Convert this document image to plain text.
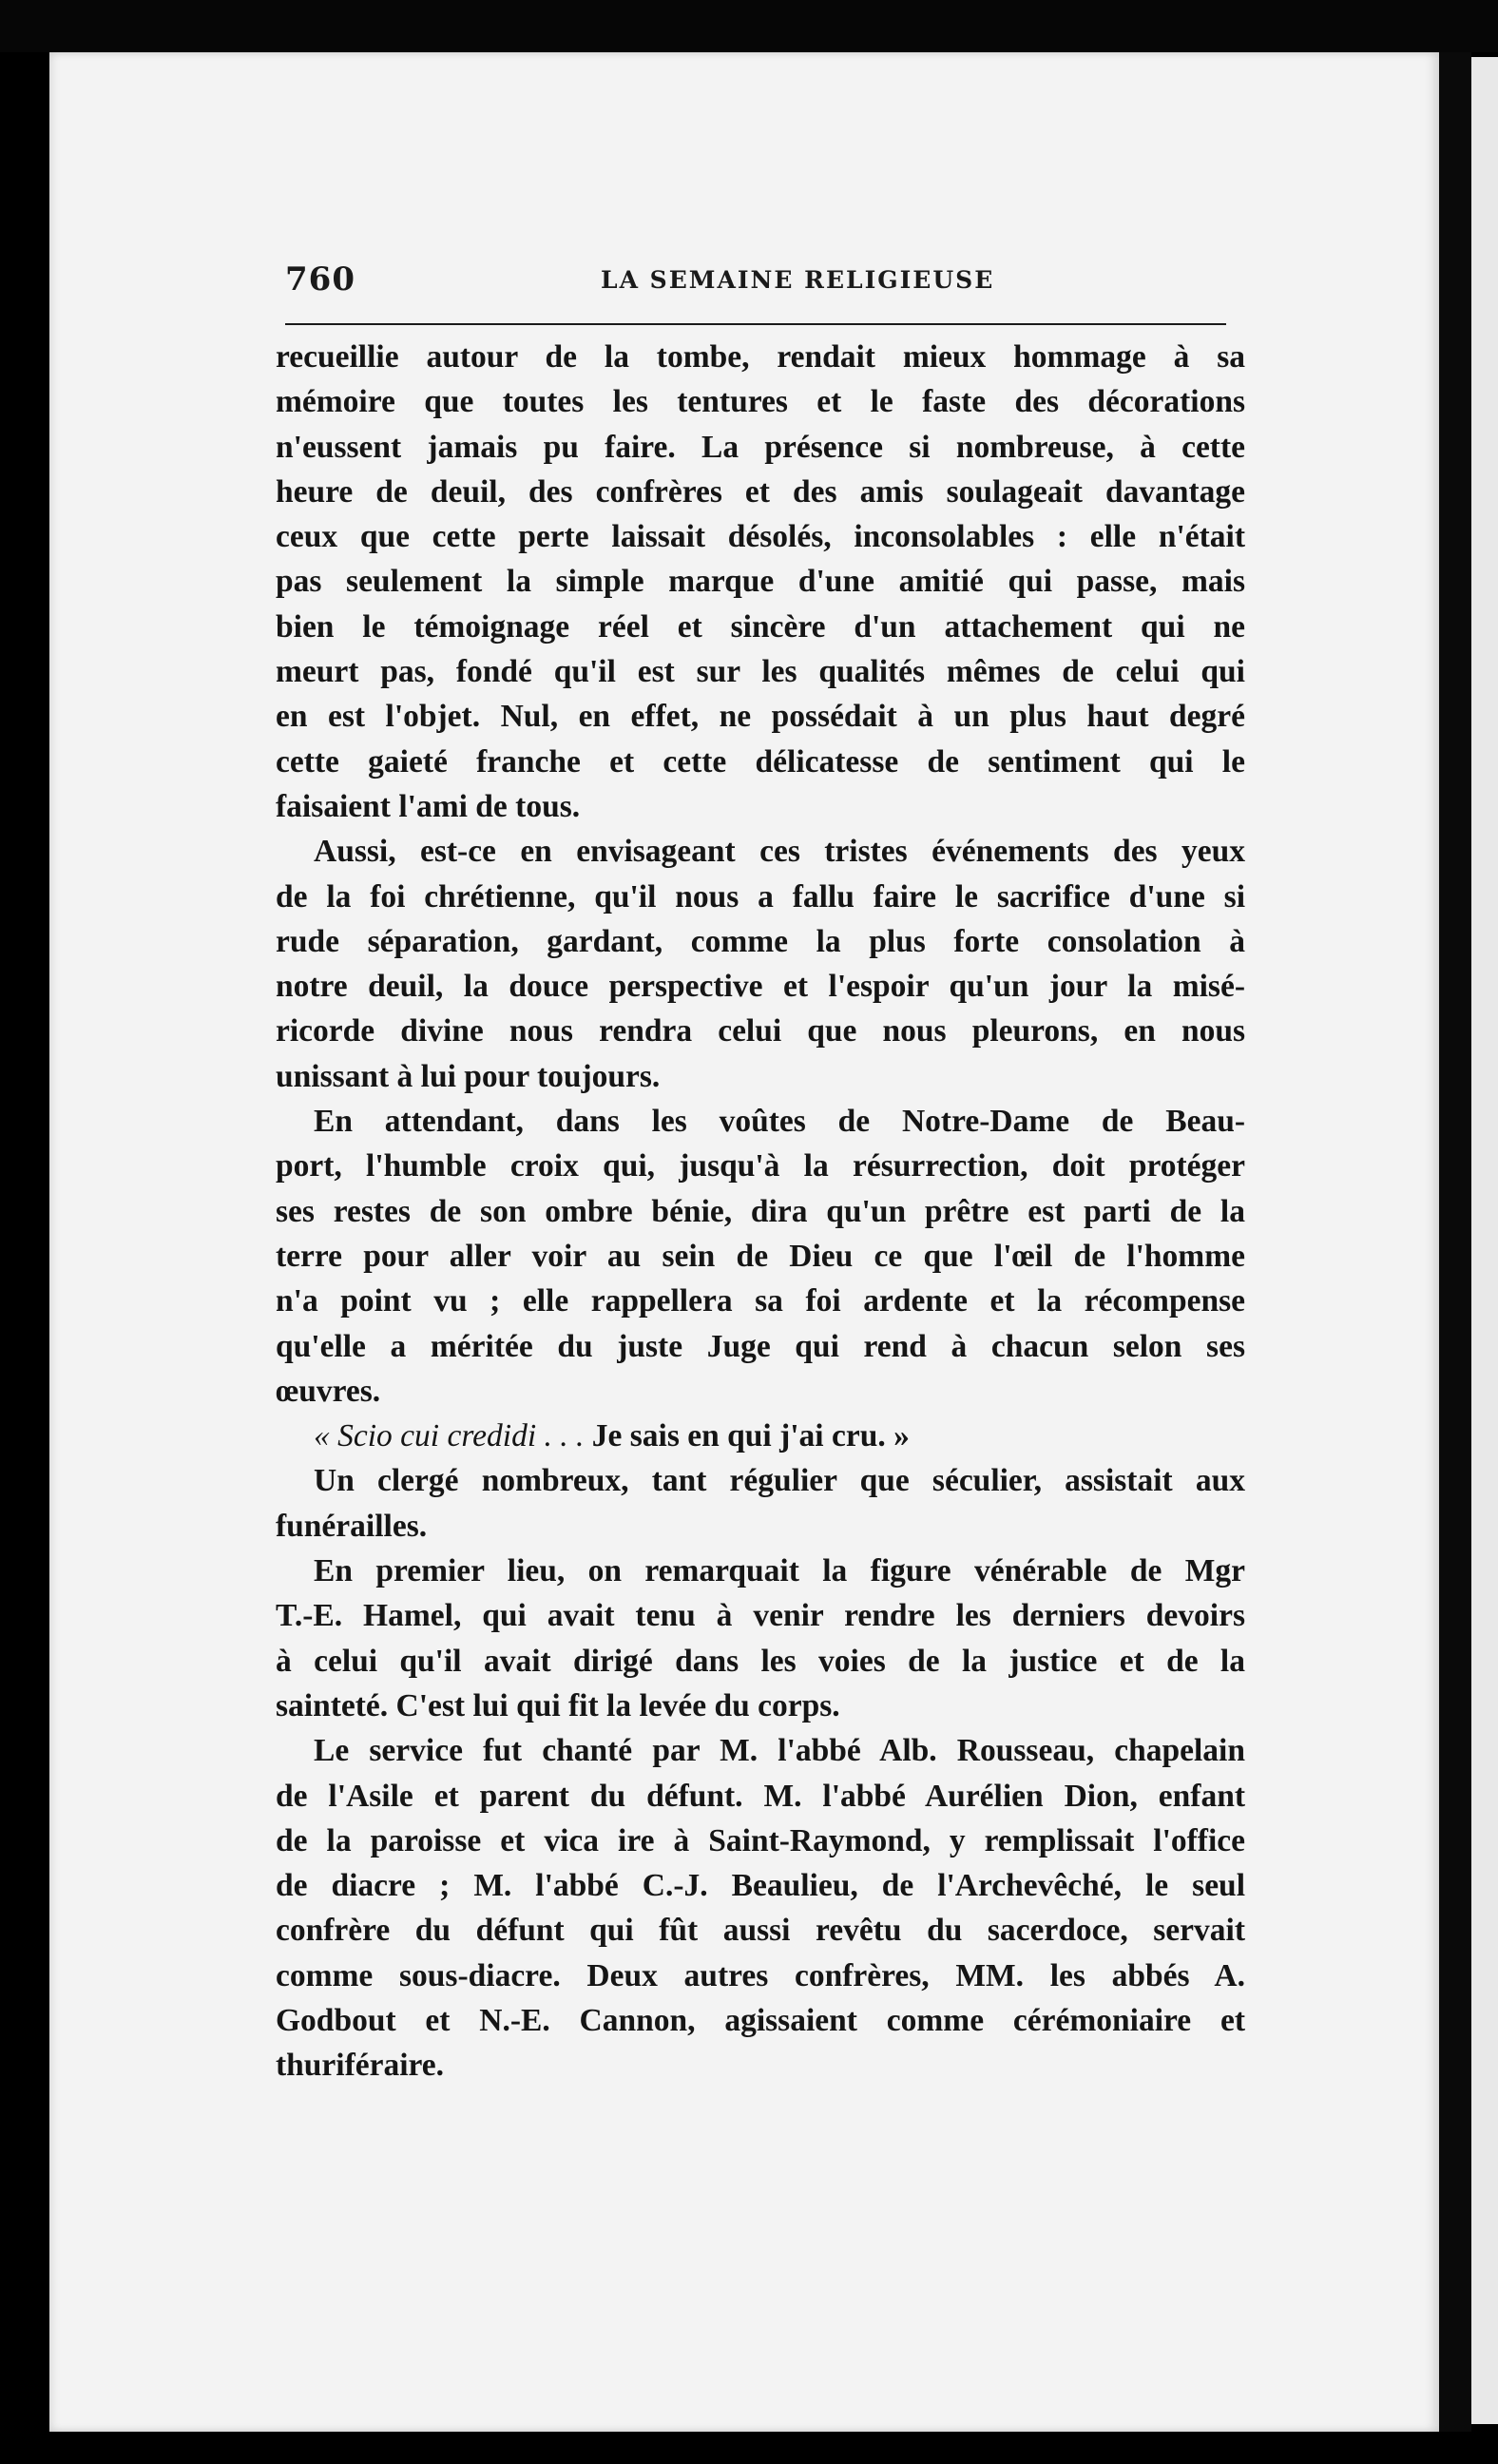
760	LA SEMAINE RELIGIEUSE

recueillie autour de la tombe, rendait mieux hommage à sa

mémoire que toutes les tentures et le faste des décorations

n'eussent jamais pu faire. La présence si nombreuse, à cette

heure de deuil, des confrères et des amis soulageait davantage

ceux que cette perte laissait désolés, inconsolables : elle n'était

pas seulement la simple marque d'une amitié qui passe, mais

bien le témoignage réel et sincère d'un attachement qui ne

meurt pas, fondé qu'il est sur les qualités mêmes de celui qui

en est l'objet. Nul, en effet, ne possédait à un plus haut degré

cette gaieté franche et cette délicatesse de sentiment qui le

faisaient l'ami de tous.

Aussi, est-ce en envisageant ces tristes événements des yeux

de la foi chrétienne, qu'il nous a fallu faire le sacrifice d'une si

rude séparation, gardant, comme la plus forte consolation à

notre deuil, la douce perspective et l'espoir qu'un jour la misé-

ricorde divine nous rendra celui que nous pleurons, en nous

unissant à lui pour toujours.

En attendant, dans les voûtes de Notre-Dame de Beau-

port, l'humble croix qui, jusqu'à la résurrection, doit protéger

ses restes de son ombre bénie, dira qu'un prêtre est parti de la

terre pour aller voir au sein de Dieu ce que l'œil de l'homme

n'a point vu ; elle rappellera sa foi ardente et la récompense

qu'elle a méritée du juste Juge qui rend à chacun selon ses

œuvres.

« Scio cui credidi . . . Je sais en qui j'ai cru. »

Un clergé nombreux, tant régulier que séculier, assistait aux

funérailles.

En premier lieu, on remarquait la figure vénérable de Mgr

T.-E. Hamel, qui avait tenu à venir rendre les derniers devoirs

à celui qu'il avait dirigé dans les voies de la justice et de la

sainteté. C'est lui qui fit la levée du corps.

Le service fut chanté par M. l'abbé Alb. Rousseau, chapelain

de l'Asile et parent du défunt. M. l'abbé Aurélien Dion, enfant

de la paroisse et vica ire à Saint-Raymond, y remplissait l'office

de diacre ; M. l'abbé C.-J. Beaulieu, de l'Archevêché, le seul

confrère du défunt qui fût aussi revêtu du sacerdoce, servait

comme sous-diacre. Deux autres confrères, MM. les abbés A.

Godbout et N.-E. Cannon, agissaient comme cérémoniaire et

thuriféraire.
